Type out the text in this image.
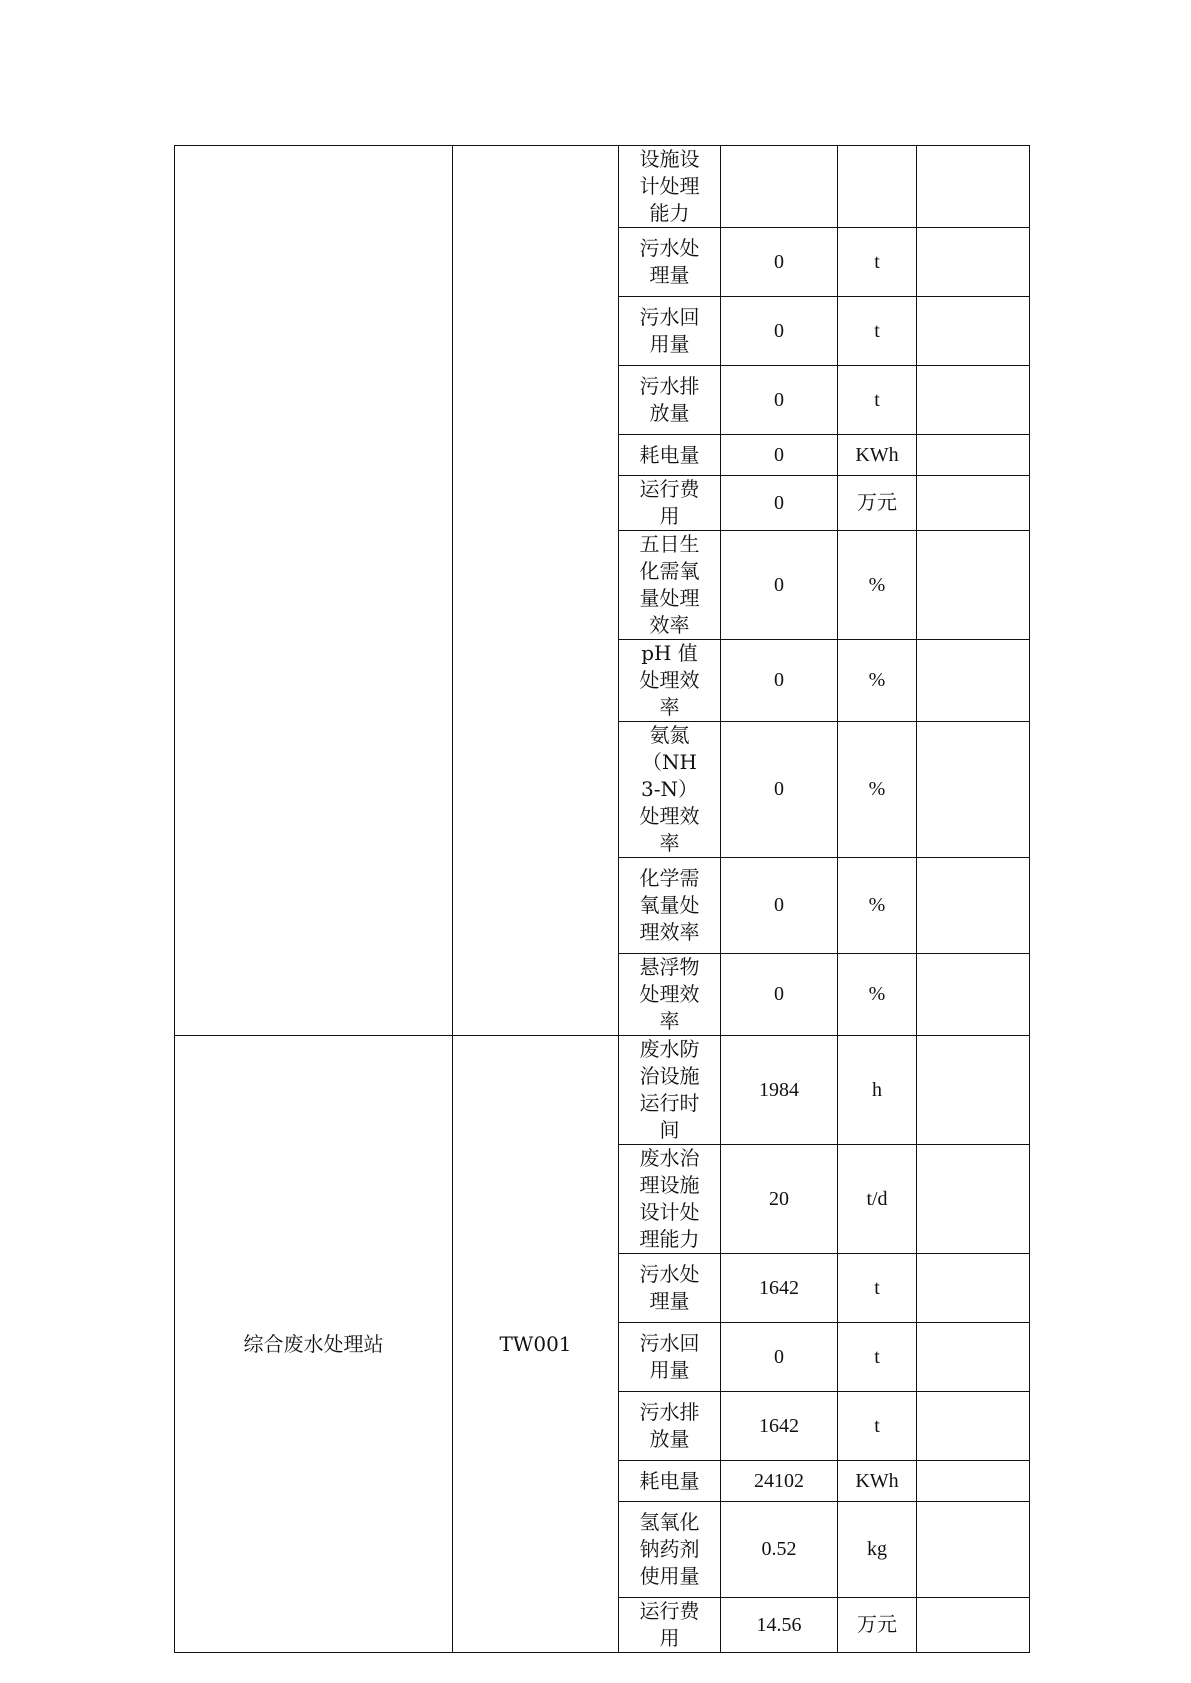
		设施设计处理能力			
		污水处理量	0	t	
		污水回用量	0	t	
		污水排放量	0	t	
		耗电量	0	KWh	
		运行费用	0	万元	
		五日生化需氧量处理效率	0	%	
		pH 值处理效率	0	%	
		氨氮（NH3-N）处理效率	0	%	
		化学需氧量处理效率	0	%	
		悬浮物处理效率	0	%	
综合废水处理站	TW001	废水防治设施运行时间	1984	h	
		废水治理设施设计处理能力	20	t/d	
		污水处理量	1642	t	
		污水回用量	0	t	
		污水排放量	1642	t	
		耗电量	24102	KWh	
		氢氧化钠药剂使用量	0.52	kg	
		运行费用	14.56	万元	
